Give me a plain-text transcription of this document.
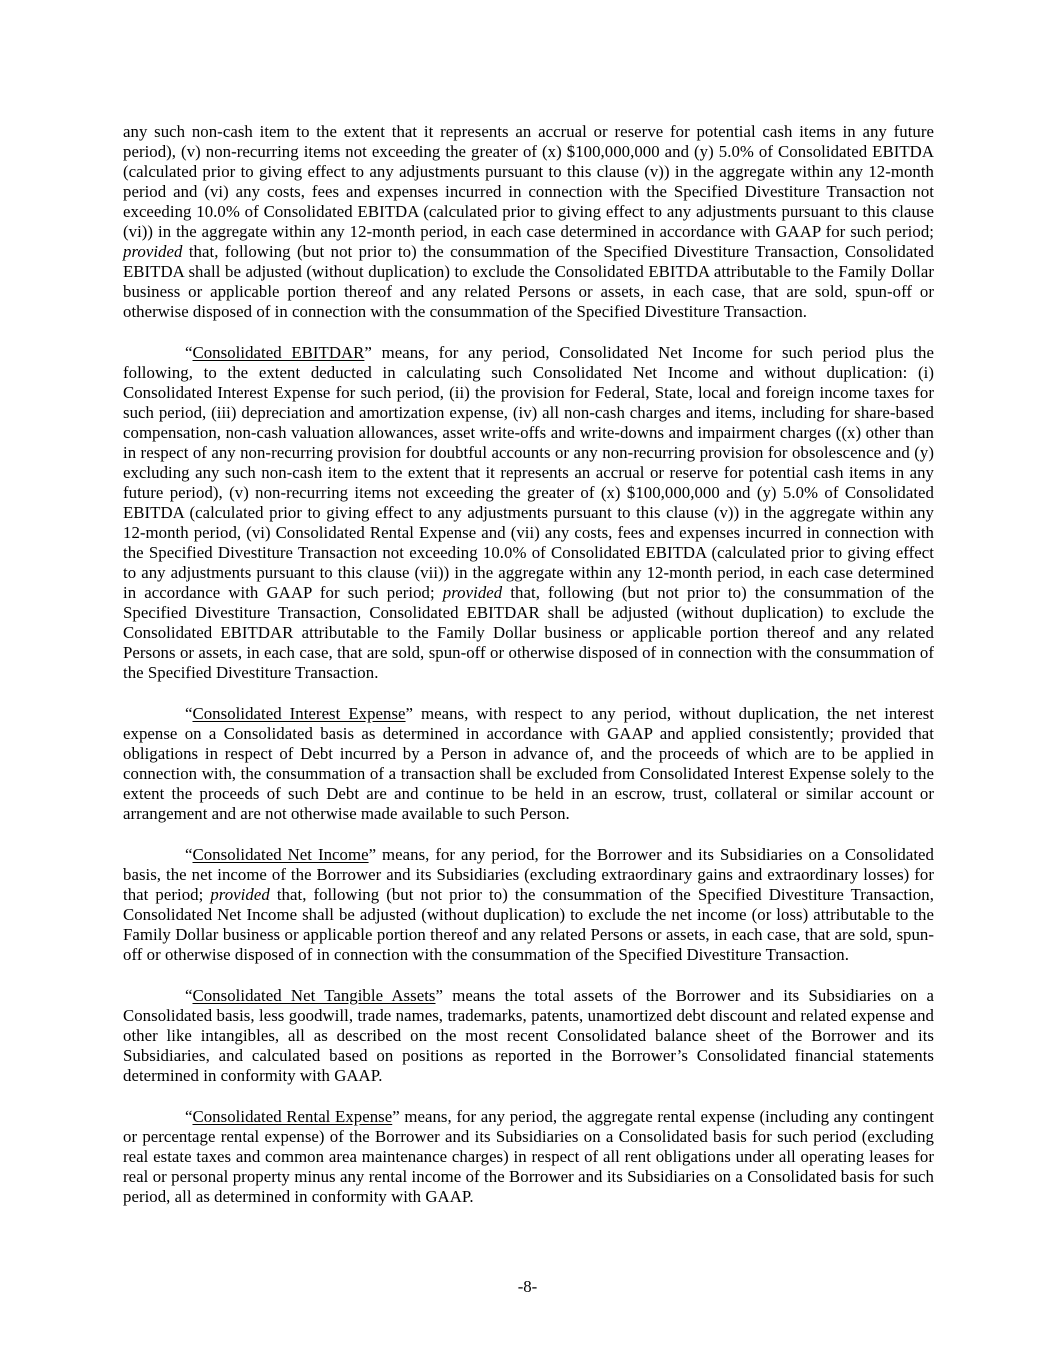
any such non-cash item to the extent that it represents an accrual or reserve for potential cash items in any future period), (v) non-recurring items not exceeding the greater of (x) $100,000,000 and (y) 5.0% of Consolidated EBITDA (calculated prior to giving effect to any adjustments pursuant to this clause (v)) in the aggregate within any 12-month period and (vi) any costs, fees and expenses incurred in connection with the Specified Divestiture Transaction not exceeding 10.0% of Consolidated EBITDA (calculated prior to giving effect to any adjustments pursuant to this clause (vi)) in the aggregate within any 12-month period, in each case determined in accordance with GAAP for such period; provided that, following (but not prior to) the consummation of the Specified Divestiture Transaction, Consolidated EBITDA shall be adjusted (without duplication) to exclude the Consolidated EBITDA attributable to the Family Dollar business or applicable portion thereof and any related Persons or assets, in each case, that are sold, spun-off or otherwise disposed of in connection with the consummation of the Specified Divestiture Transaction.

“Consolidated EBITDAR” means, for any period, Consolidated Net Income for such period plus the following, to the extent deducted in calculating such Consolidated Net Income and without duplication: (i) Consolidated Interest Expense for such period, (ii) the provision for Federal, State, local and foreign income taxes for such period, (iii) depreciation and amortization expense, (iv) all non-cash charges and items, including for share-based compensation, non-cash valuation allowances, asset write-offs and write-downs and impairment charges ((x) other than in respect of any non-recurring provision for doubtful accounts or any non-recurring provision for obsolescence and (y) excluding any such non-cash item to the extent that it represents an accrual or reserve for potential cash items in any future period), (v) non-recurring items not exceeding the greater of (x) $100,000,000 and (y) 5.0% of Consolidated EBITDA (calculated prior to giving effect to any adjustments pursuant to this clause (v)) in the aggregate within any 12-month period, (vi) Consolidated Rental Expense and (vii) any costs, fees and expenses incurred in connection with the Specified Divestiture Transaction not exceeding 10.0% of Consolidated EBITDA (calculated prior to giving effect to any adjustments pursuant to this clause (vii)) in the aggregate within any 12-month period, in each case determined in accordance with GAAP for such period; provided that, following (but not prior to) the consummation of the Specified Divestiture Transaction, Consolidated EBITDAR shall be adjusted (without duplication) to exclude the Consolidated EBITDAR attributable to the Family Dollar business or applicable portion thereof and any related Persons or assets, in each case, that are sold, spun-off or otherwise disposed of in connection with the consummation of the Specified Divestiture Transaction.

“Consolidated Interest Expense” means, with respect to any period, without duplication, the net interest expense on a Consolidated basis as determined in accordance with GAAP and applied consistently; provided that obligations in respect of Debt incurred by a Person in advance of, and the proceeds of which are to be applied in connection with, the consummation of a transaction shall be excluded from Consolidated Interest Expense solely to the extent the proceeds of such Debt are and continue to be held in an escrow, trust, collateral or similar account or arrangement and are not otherwise made available to such Person.

“Consolidated Net Income” means, for any period, for the Borrower and its Subsidiaries on a Consolidated basis, the net income of the Borrower and its Subsidiaries (excluding extraordinary gains and extraordinary losses) for that period; provided that, following (but not prior to) the consummation of the Specified Divestiture Transaction, Consolidated Net Income shall be adjusted (without duplication) to exclude the net income (or loss) attributable to the Family Dollar business or applicable portion thereof and any related Persons or assets, in each case, that are sold, spun-off or otherwise disposed of in connection with the consummation of the Specified Divestiture Transaction.

“Consolidated Net Tangible Assets” means the total assets of the Borrower and its Subsidiaries on a Consolidated basis, less goodwill, trade names, trademarks, patents, unamortized debt discount and related expense and other like intangibles, all as described on the most recent Consolidated balance sheet of the Borrower and its Subsidiaries, and calculated based on positions as reported in the Borrower’s Consolidated financial statements determined in conformity with GAAP.

“Consolidated Rental Expense” means, for any period, the aggregate rental expense (including any contingent or percentage rental expense) of the Borrower and its Subsidiaries on a Consolidated basis for such period (excluding real estate taxes and common area maintenance charges) in respect of all rent obligations under all operating leases for real or personal property minus any rental income of the Borrower and its Subsidiaries on a Consolidated basis for such period, all as determined in conformity with GAAP.

-8-
